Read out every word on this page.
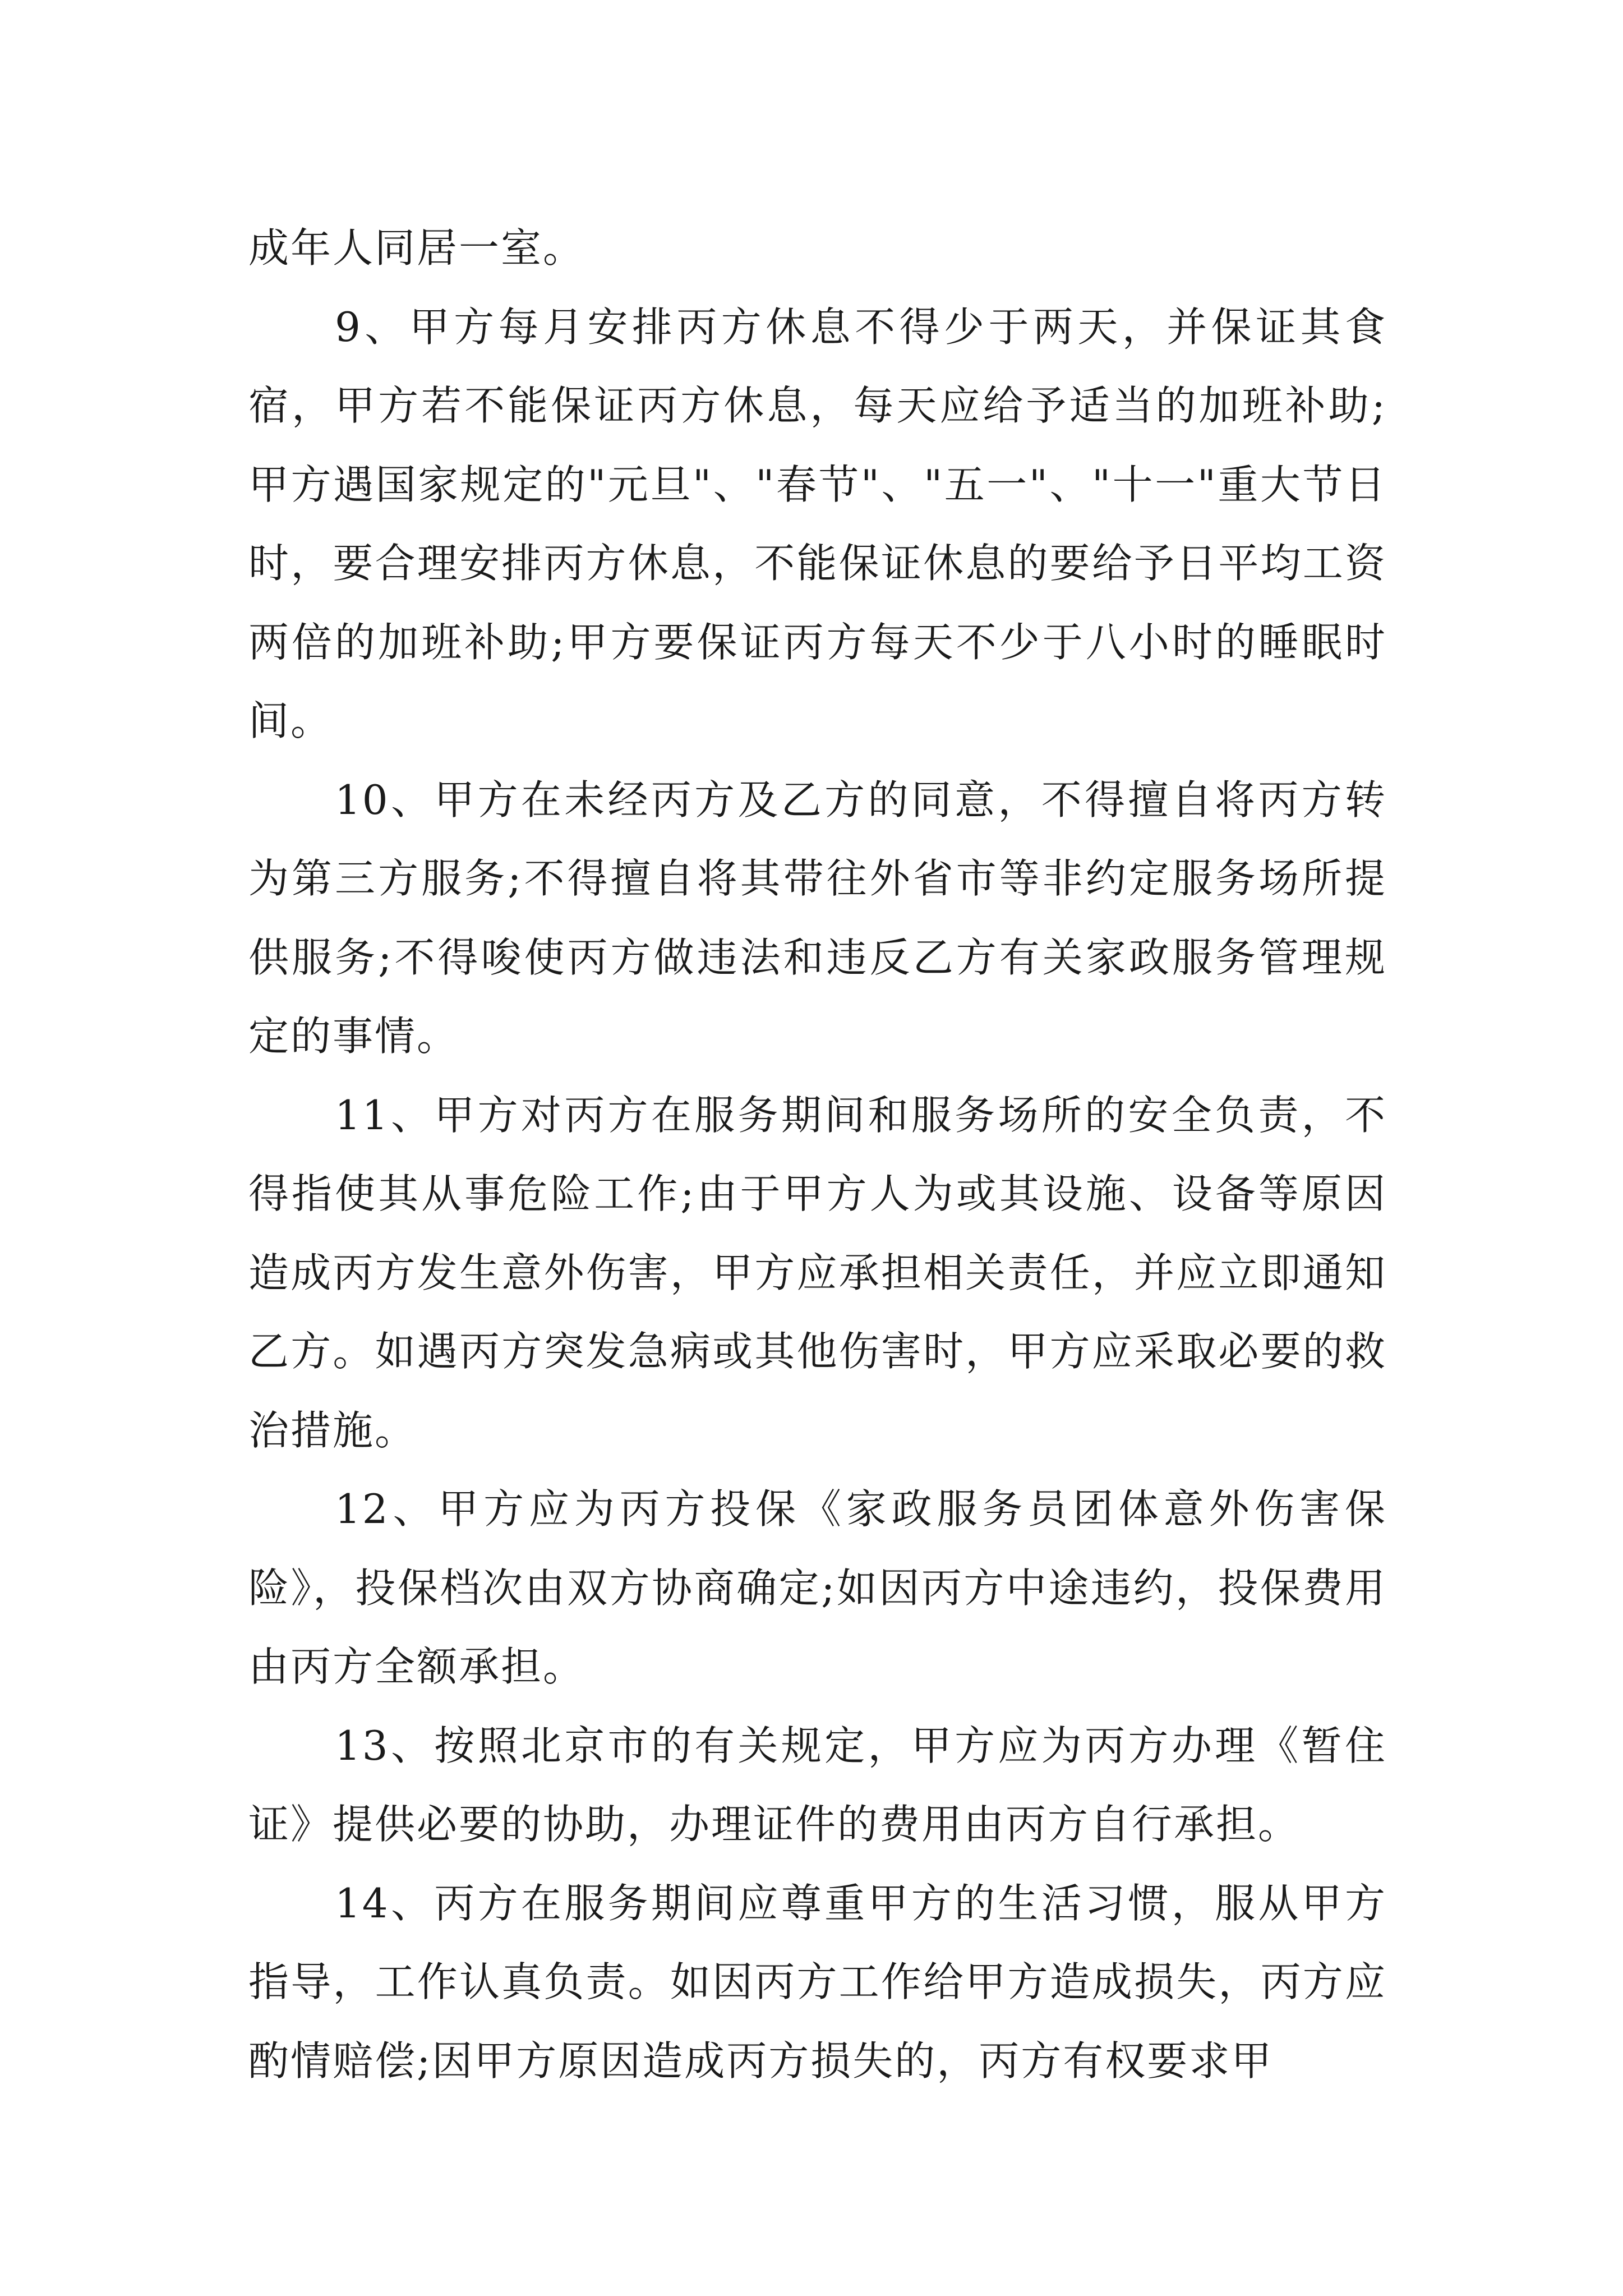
成年人同居一室。

9、甲方每月安排丙方休息不得少于两天，并保证其食宿，甲方若不能保证丙方休息，每天应给予适当的加班补助;甲方遇国家规定的"元旦"、"春节"、"五一"、"十一"重大节日时，要合理安排丙方休息，不能保证休息的要给予日平均工资两倍的加班补助;甲方要保证丙方每天不少于八小时的睡眠时间。

10、甲方在未经丙方及乙方的同意，不得擅自将丙方转为第三方服务;不得擅自将其带往外省市等非约定服务场所提供服务;不得唆使丙方做违法和违反乙方有关家政服务管理规定的事情。

11、甲方对丙方在服务期间和服务场所的安全负责，不得指使其从事危险工作;由于甲方人为或其设施、设备等原因造成丙方发生意外伤害，甲方应承担相关责任，并应立即通知乙方。如遇丙方突发急病或其他伤害时，甲方应采取必要的救治措施。

12、甲方应为丙方投保《家政服务员团体意外伤害保险》，投保档次由双方协商确定;如因丙方中途违约，投保费用由丙方全额承担。

13、按照北京市的有关规定，甲方应为丙方办理《暂住证》提供必要的协助，办理证件的费用由丙方自行承担。

14、丙方在服务期间应尊重甲方的生活习惯，服从甲方指导，工作认真负责。如因丙方工作给甲方造成损失，丙方应酌情赔偿;因甲方原因造成丙方损失的，丙方有权要求甲
